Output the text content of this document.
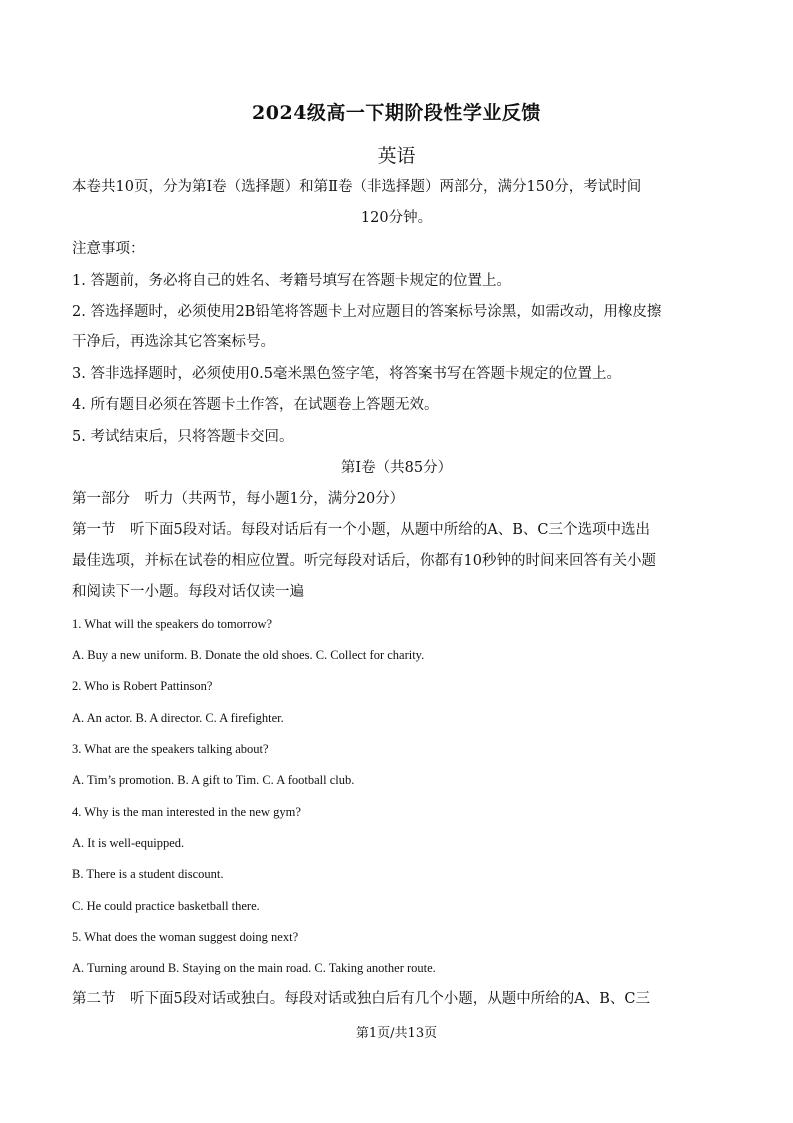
2024级高一下期阶段性学业反馈
英语
本卷共10页，分为第Ⅰ卷（选择题）和第Ⅱ卷（非选择题）两部分，满分150分，考试时间
120分钟。
注意事项：
1. 答题前，务必将自己的姓名、考籍号填写在答题卡规定的位置上。
2. 答选择题时，必须使用2B铅笔将答题卡上对应题目的答案标号涂黑，如需改动，用橡皮擦
干净后，再选涂其它答案标号。
3. 答非选择题时，必须使用0.5毫米黑色签字笔，将答案书写在答题卡规定的位置上。
4. 所有题目必须在答题卡土作答，在试题卷上答题无效。
5. 考试结束后，只将答题卡交回。
第Ⅰ卷（共85分）
第一部分　听力（共两节，每小题1分，满分20分）
第一节　听下面5段对话。每段对话后有一个小题，从题中所给的A、B、C三个选项中选出
最佳选项，并标在试卷的相应位置。听完每段对话后，你都有10秒钟的时间来回答有关小题
和阅读下一小题。每段对话仅读一遍
1. What will the speakers do tomorrow?
A. Buy a new uniform. B. Donate the old shoes. C. Collect for charity.
2. Who is Robert Pattinson?
A. An actor. B. A director. C. A firefighter.
3. What are the speakers talking about?
A. Tim’s promotion. B. A gift to Tim. C. A football club.
4. Why is the man interested in the new gym?
A. It is well-equipped.
B. There is a student discount.
C. He could practice basketball there.
5. What does the woman suggest doing next?
A. Turning around B. Staying on the main road. C. Taking another route.
第二节　听下面5段对话或独白。每段对话或独白后有几个小题，从题中所给的A、B、C三
第1页/共13页
